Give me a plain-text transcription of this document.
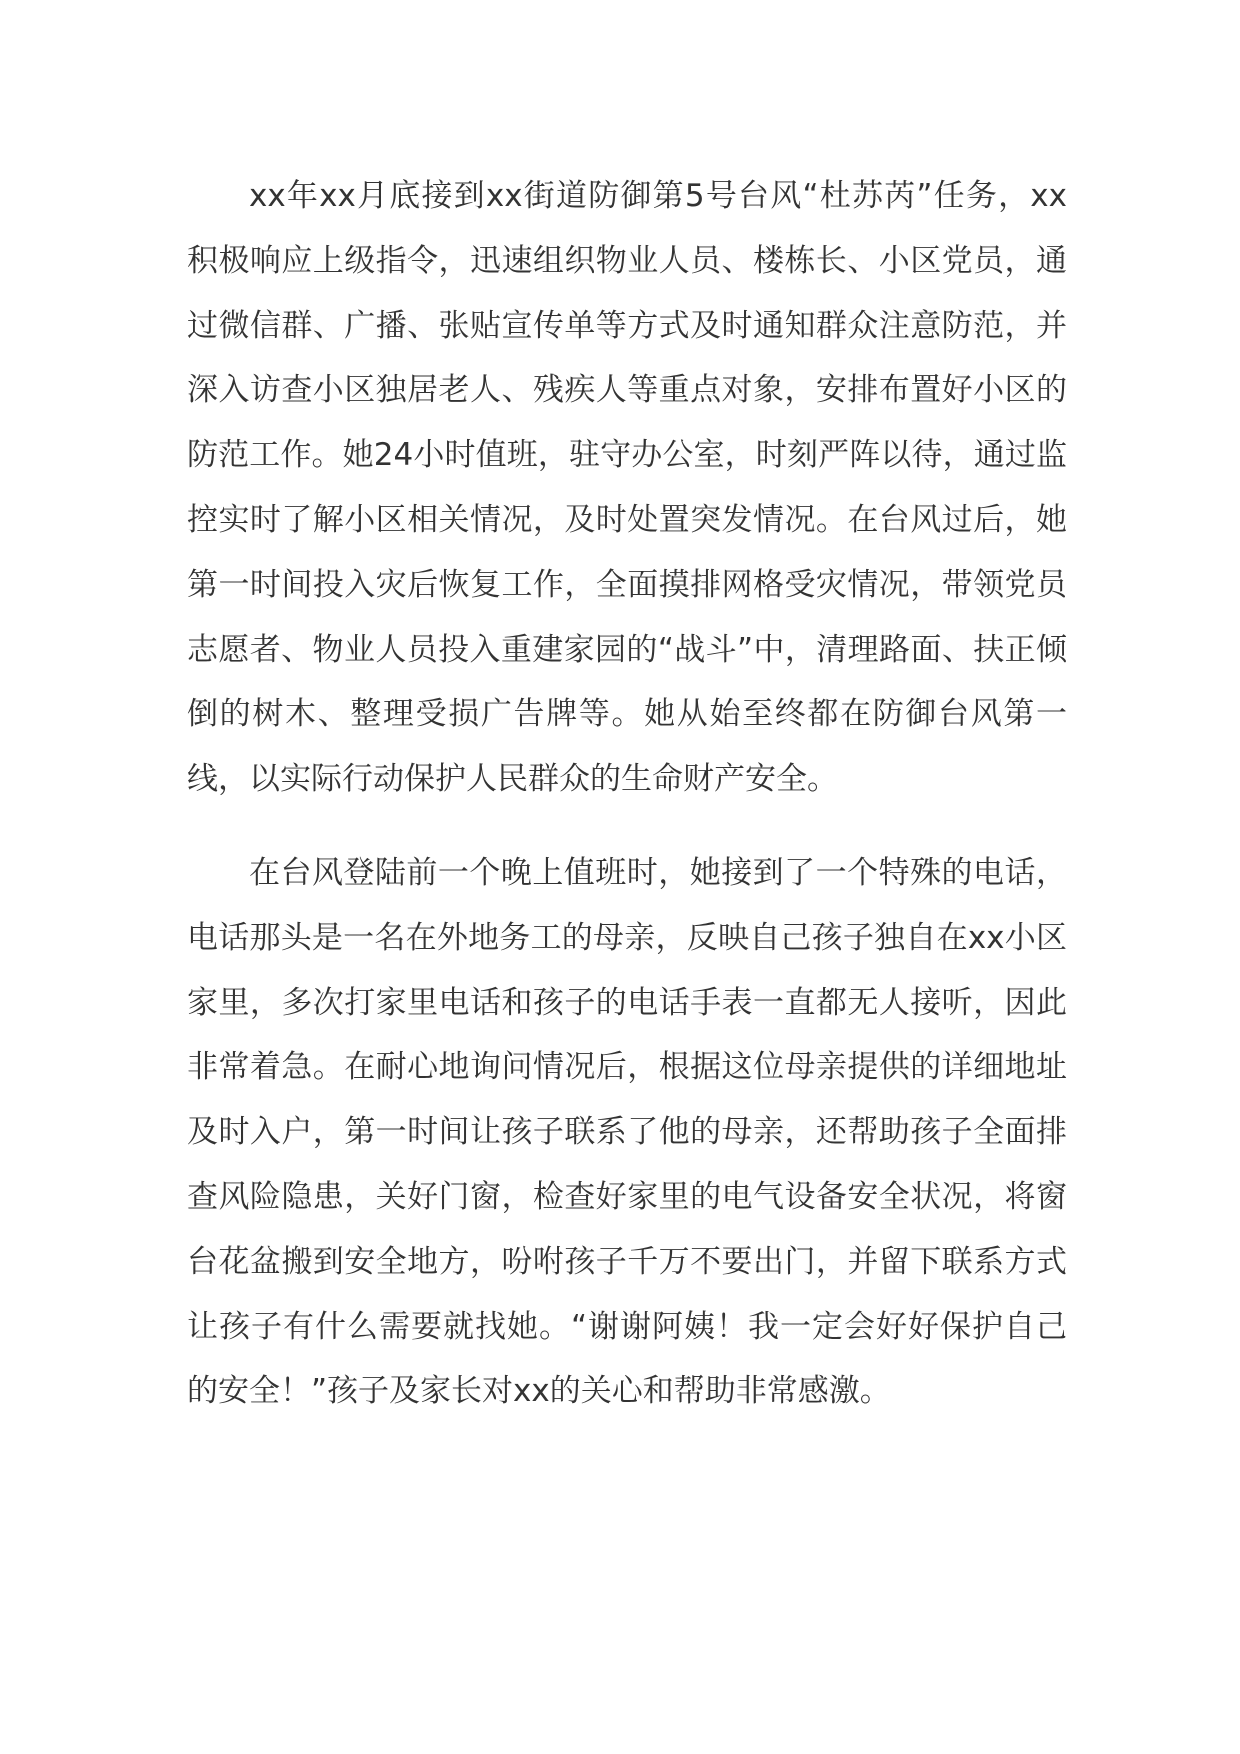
xx年xx月底接到xx街道防御第5号台风“杜苏芮”任务，xx积极响应上级指令，迅速组织物业人员、楼栋长、小区党员，通过微信群、广播、张贴宣传单等方式及时通知群众注意防范，并深入访查小区独居老人、残疾人等重点对象，安排布置好小区的防范工作。她24小时值班，驻守办公室，时刻严阵以待，通过监控实时了解小区相关情况，及时处置突发情况。在台风过后，她第一时间投入灾后恢复工作，全面摸排网格受灾情况，带领党员志愿者、物业人员投入重建家园的“战斗”中，清理路面、扶正倾倒的树木、整理受损广告牌等。她从始至终都在防御台风第一线，以实际行动保护人民群众的生命财产安全。

在台风登陆前一个晚上值班时，她接到了一个特殊的电话，电话那头是一名在外地务工的母亲，反映自己孩子独自在xx小区家里，多次打家里电话和孩子的电话手表一直都无人接听，因此非常着急。在耐心地询问情况后，根据这位母亲提供的详细地址及时入户，第一时间让孩子联系了他的母亲，还帮助孩子全面排查风险隐患，关好门窗，检查好家里的电气设备安全状况，将窗台花盆搬到安全地方，吩咐孩子千万不要出门，并留下联系方式让孩子有什么需要就找她。“谢谢阿姨！我一定会好好保护自己的安全！”孩子及家长对xx的关心和帮助非常感激。
